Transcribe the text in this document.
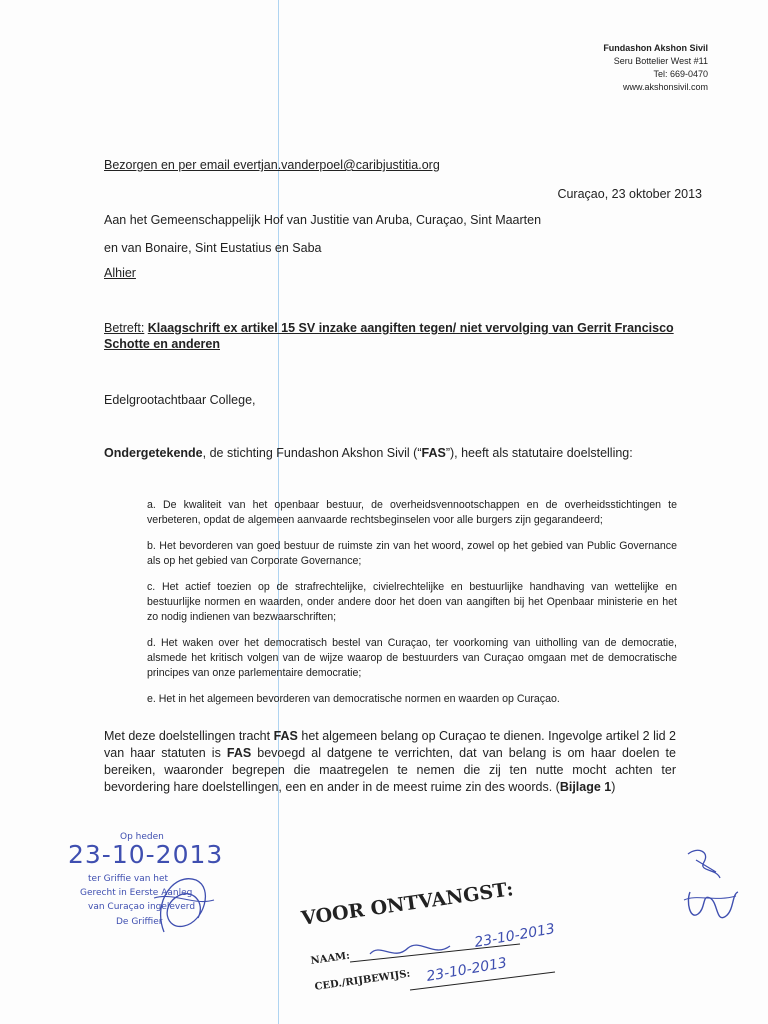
Fundashon Akshon Sivil
Seru Bottelier West #11
Tel: 669-0470
www.akshonsivil.com
Bezorgen en per email evertjan.vanderpoel@caribjustitia.org
Curaçao, 23 oktober 2013
Aan het Gemeenschappelijk Hof van Justitie van Aruba, Curaçao, Sint Maarten
en van Bonaire, Sint Eustatius en Saba
Alhier
Betreft: Klaagschrift ex artikel 15 SV inzake aangiften tegen/ niet vervolging van Gerrit Francisco Schotte en anderen
Edelgrootachtbaar College,
Ondergetekende, de stichting Fundashon Akshon Sivil (“FAS”), heeft als statutaire doelstelling:

a. De kwaliteit van het openbaar bestuur, de overheidsvennootschappen en de overheidsstichtingen te verbeteren, opdat de algemeen aanvaarde rechtsbeginselen voor alle burgers zijn gegarandeerd;

b. Het bevorderen van goed bestuur de ruimste zin van het woord, zowel op het gebied van Public Governance als op het gebied van Corporate Governance;

c. Het actief toezien op de strafrechtelijke, civielrechtelijke en bestuurlijke handhaving van wettelijke en bestuurlijke normen en waarden, onder andere door het doen van aangiften bij het Openbaar ministerie en het zo nodig indienen van bezwaarschriften;

d. Het waken over het democratisch bestel van Curaçao, ter voorkoming van uitholling van de democratie, alsmede het kritisch volgen van de wijze waarop de bestuurders van Curaçao omgaan met de democratische principes van onze parlementaire democratie;

e. Het in het algemeen bevorderen van democratische normen en waarden op Curaçao.

Met deze doelstellingen tracht FAS het algemeen belang op Curaçao te dienen. Ingevolge artikel 2 lid 2 van haar statuten is FAS bevoegd al datgene te verrichten, dat van belang is om haar doelen te bereiken, waaronder begrepen die maatregelen te nemen die zij ten nutte mocht achten ter bevordering hare doelstellingen, een en ander in de meest ruime zin des woords. (Bijlage 1)
Op heden
23-10-2013
ter Griffie van het
Gerecht in Eerste Aanleg
van Curaçao ingeleverd
De Griffier	VOOR ONTVANGST:
NAAM:
CED./RIJBEWIJS:
23-10-2013
23-10-2013
